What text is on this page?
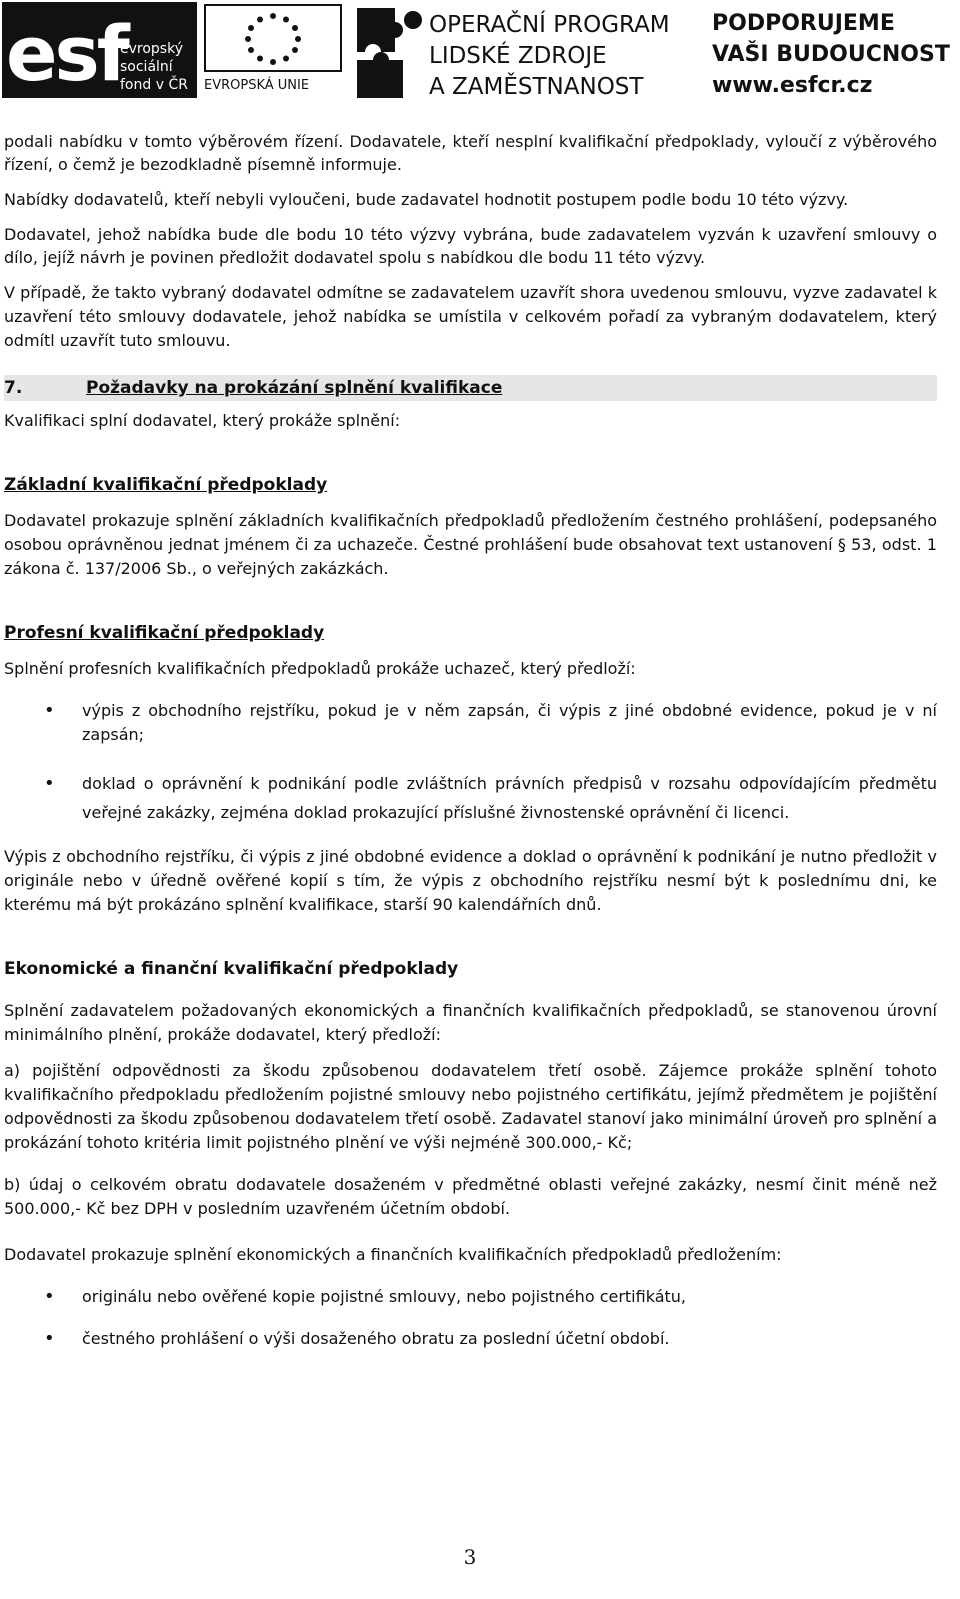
esf
evropský
sociální
fond v ČR EVROPSKÁ UNIE
OPERAČNÍ PROGRAM
LIDSKÉ ZDROJE
A ZAMĚSTNANOST
PODPORUJEME
VAŠI BUDOUCNOST
www.esfcr.cz

podali nabídku v tomto výběrovém řízení. Dodavatele, kteří nesplní kvalifikační předpoklady, vyloučí z výběrového řízení, o čemž je bezodkladně písemně informuje.

Nabídky dodavatelů, kteří nebyli vyloučeni, bude zadavatel hodnotit postupem podle bodu 10 této výzvy.

Dodavatel, jehož nabídka bude dle bodu 10 této výzvy vybrána, bude zadavatelem vyzván k uzavření smlouvy o dílo, jejíž návrh je povinen předložit dodavatel spolu s nabídkou dle bodu 11 této výzvy.

V případě, že takto vybraný dodavatel odmítne se zadavatelem uzavřít shora uvedenou smlouvu, vyzve zadavatel k uzavření této smlouvy dodavatele, jehož nabídka se umístila v celkovém pořadí za vybraným dodavatelem, který odmítl uzavřít tuto smlouvu.

7.	Požadavky na prokázání splnění kvalifikace

Kvalifikaci splní dodavatel, který prokáže splnění:

Základní kvalifikační předpoklady

Dodavatel prokazuje splnění základních kvalifikačních předpokladů předložením čestného prohlášení, podepsaného osobou oprávněnou jednat jménem či za uchazeče. Čestné prohlášení bude obsahovat text ustanovení § 53, odst. 1 zákona č. 137/2006 Sb., o veřejných zakázkách.

Profesní kvalifikační předpoklady

Splnění profesních kvalifikačních předpokladů prokáže uchazeč, který předloží:

• výpis z obchodního rejstříku, pokud je v něm zapsán, či výpis z jiné obdobné evidence, pokud je v ní zapsán;
• doklad o oprávnění k podnikání podle zvláštních právních předpisů v rozsahu odpovídajícím předmětu veřejné zakázky, zejména doklad prokazující příslušné živnostenské oprávnění či licenci.

Výpis z obchodního rejstříku, či výpis z jiné obdobné evidence a doklad o oprávnění k podnikání je nutno předložit v originále nebo v úředně ověřené kopií s tím, že výpis z obchodního rejstříku nesmí být k poslednímu dni, ke kterému má být prokázáno splnění kvalifikace, starší 90 kalendářních dnů.

Ekonomické a finanční kvalifikační předpoklady

Splnění zadavatelem požadovaných ekonomických a finančních kvalifikačních předpokladů, se stanovenou úrovní minimálního plnění, prokáže dodavatel, který předloží:

a) pojištění odpovědnosti za škodu způsobenou dodavatelem třetí osobě. Zájemce prokáže splnění tohoto kvalifikačního předpokladu předložením pojistné smlouvy nebo pojistného certifikátu, jejímž předmětem je pojištění odpovědnosti za škodu způsobenou dodavatelem třetí osobě. Zadavatel stanoví jako minimální úroveň pro splnění a prokázání tohoto kritéria limit pojistného plnění ve výši nejméně 300.000,- Kč;

b) údaj o celkovém obratu dodavatele dosaženém v předmětné oblasti veřejné zakázky, nesmí činit méně než 500.000,- Kč bez DPH v posledním uzavřeném účetním období.

Dodavatel prokazuje splnění ekonomických a finančních kvalifikačních předpokladů předložením:

• originálu nebo ověřené kopie pojistné smlouvy, nebo pojistného certifikátu,
• čestného prohlášení o výši dosaženého obratu za poslední účetní období.
3
